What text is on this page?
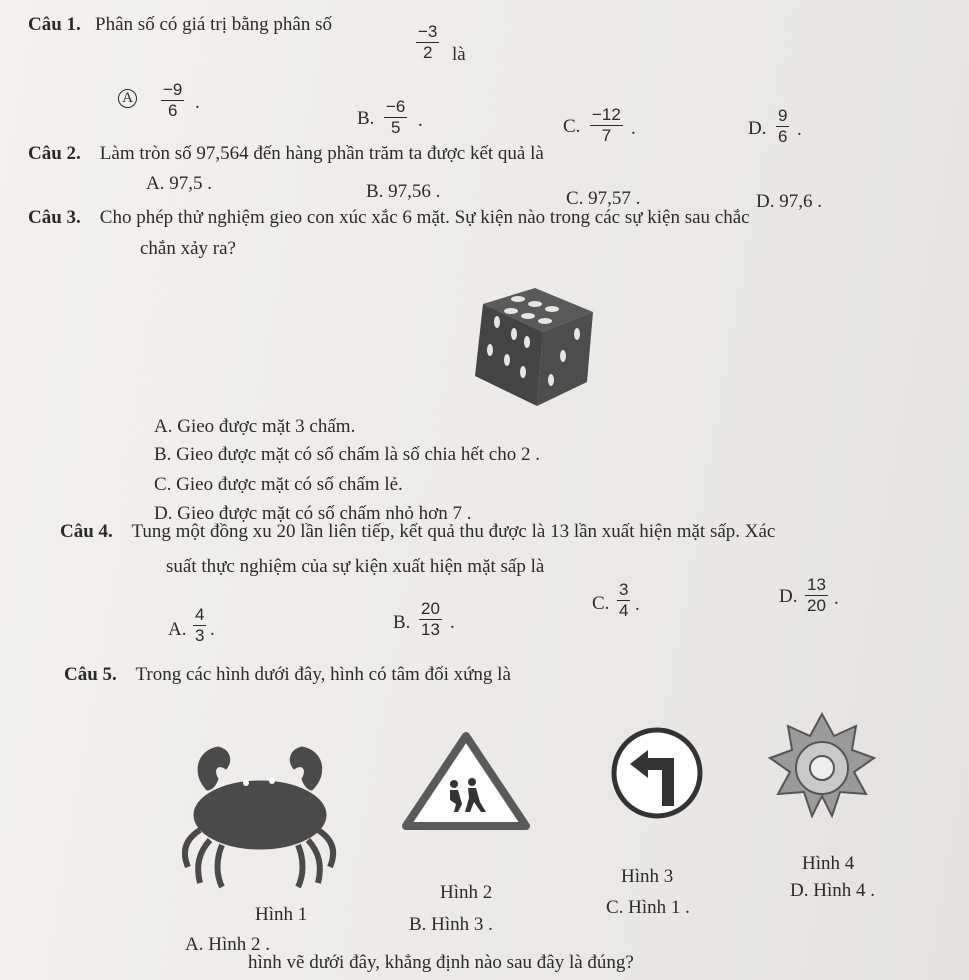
Câu 1. Phân số có giá trị bằng phân số	−3
2 là
A −9
6 .
B.
−6
5 .	C.
−12
7 .	D.
9
6 .
Câu 2. Làm tròn số 97,564 đến hàng phần trăm ta được kết quả là
A. 97,5 .	B. 97,56 .	C. 97,57 .	D. 97,6 .
Câu 3. Cho phép thử nghiệm gieo con xúc xắc 6 mặt. Sự kiện nào trong các sự kiện sau chắc
chắn xảy ra?
A. Gieo được mặt 3 chấm.
B. Gieo được mặt có số chấm là số chia hết cho 2 .
C. Gieo được mặt có số chấm lẻ.
D. Gieo được mặt có số chấm nhỏ hơn 7 .
Câu 4. Tung một đồng xu 20 lần liên tiếp, kết quả thu được là 13 lần xuất hiện mặt sấp. Xác
suất thực nghiệm của sự kiện xuất hiện mặt sấp là
A.
4
3 .	B.
20
13 .
C.
3
4 .	D.
13
20 .
Câu 5. Trong các hình dưới đây, hình có tâm đối xứng là
Hình 4
Hình 3
Hình 2
Hình 1
D. Hình 4 .
C. Hình 1 .
B. Hình 3 .
A. Hình 2 .
hình vẽ dưới đây, khẳng định nào sau đây là đúng?
